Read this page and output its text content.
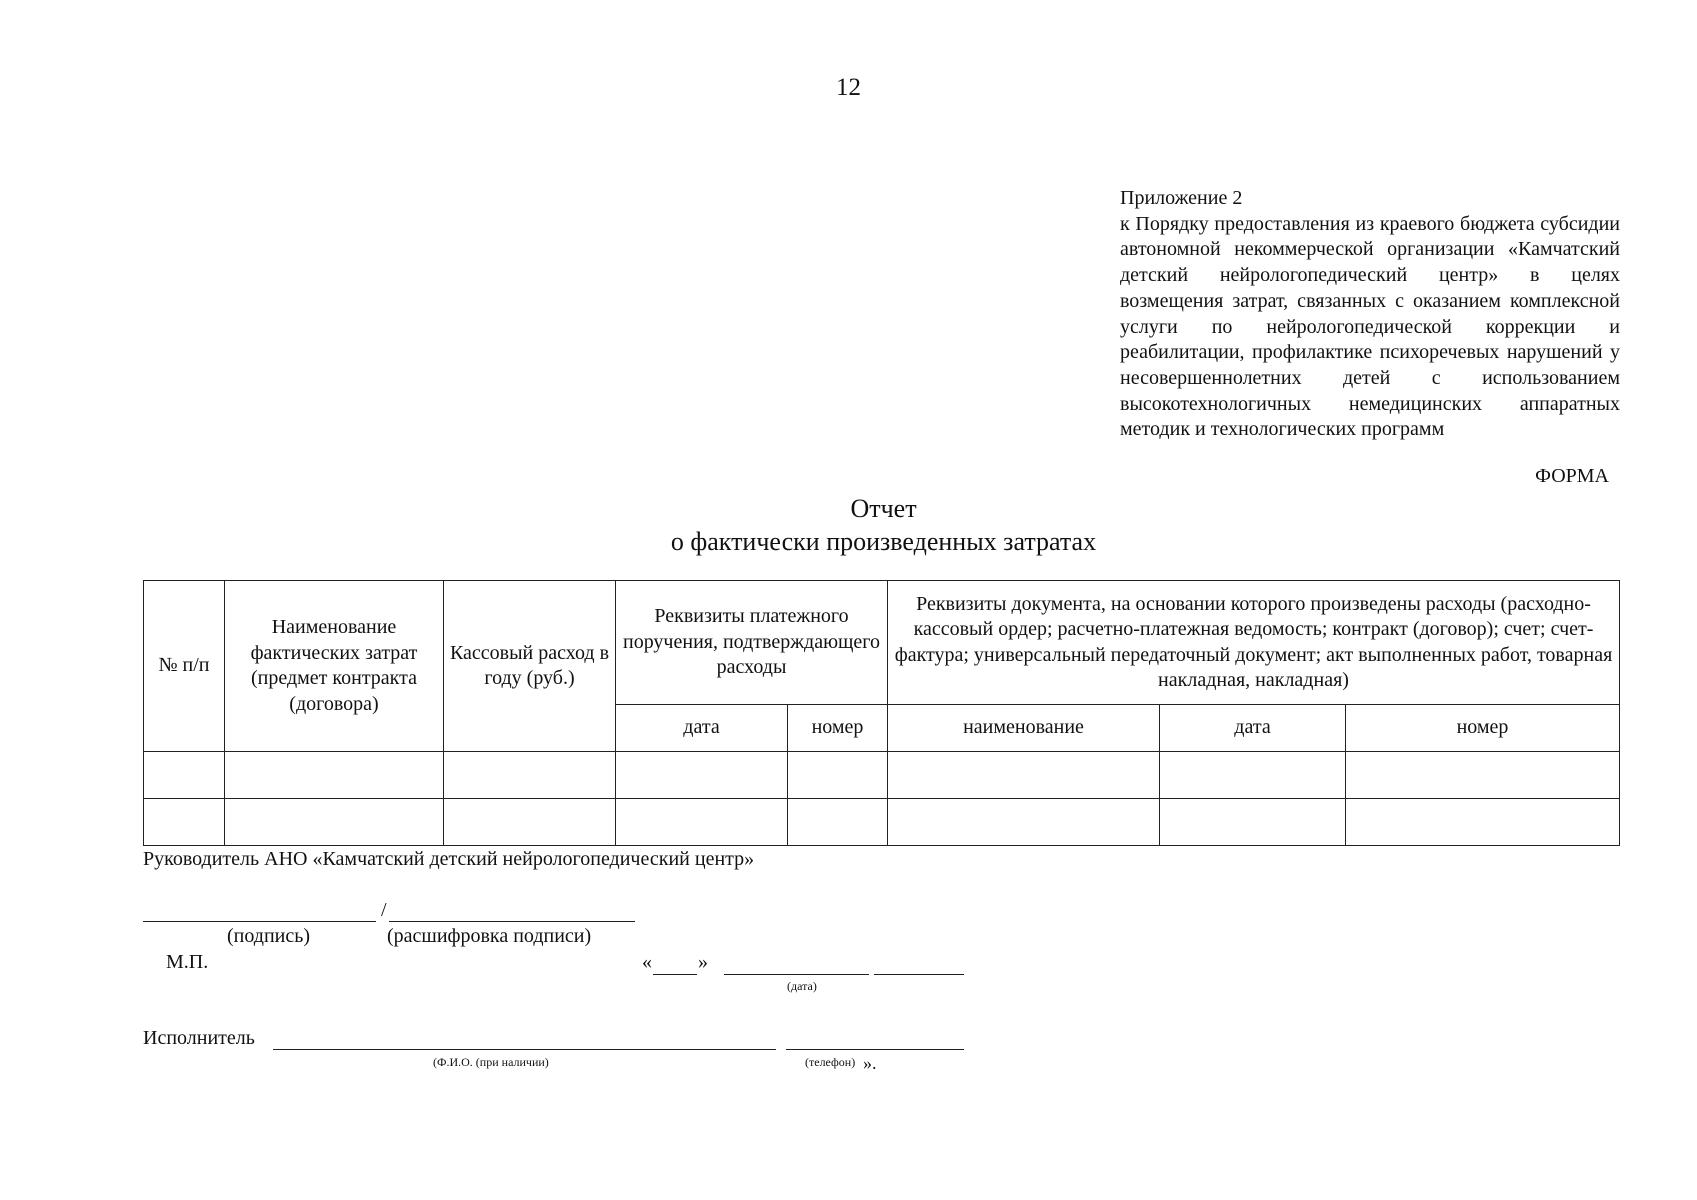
12
Приложение 2
к Порядку предоставления из краевого бюджета субсидии автономной некоммерческой организации «Камчатский детский нейрологопедический центр» в целях возмещения затрат, связанных с оказанием комплексной услуги по нейрологопедической коррекции и реабилитации, профилактике психоречевых нарушений у несовершеннолетних детей с использованием высокотехнологичных немедицинских аппаратных методик и технологических программ
ФОРМА
Отчет
о фактически произведенных затратах
№ п/п	Наименование фактических затрат (предмет контракта (договора)	Кассовый расход в году (руб.)	Реквизиты платежного поручения, подтверждающего расходы		Реквизиты документа, на основании которого произведены расходы (расходно-кассовый ордер; расчетно-платежная ведомость; контракт (договор); счет; счет-фактура; универсальный передаточный документ; акт выполненных работ, товарная накладная, накладная)		
			дата	номер	наименование	дата	номер

Руководитель АНО «Камчатский детский нейрологопедический центр»
/
(подпись)	(расшифровка подписи)
М.П.	« »
(дата)
Исполнитель
(Ф.И.О. (при наличии)	(телефон) ».
